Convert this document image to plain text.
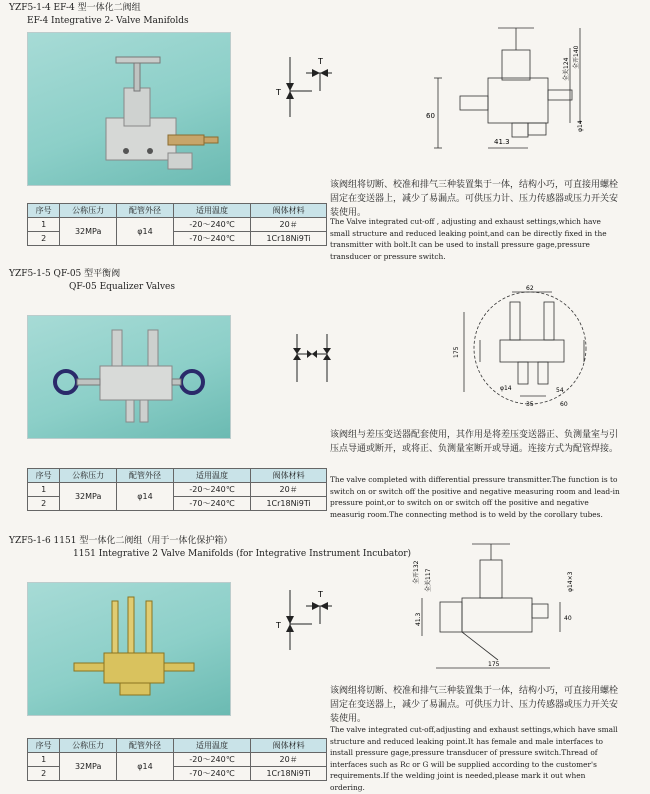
YZF5-1-4 EF-4 型一体化二阀组
EF-4 Integrative 2- Valve Manifolds
T
T
60
41.3
全开140
全关124
φ14
序号	公称压力	配管外径	适用温度	阀体材料
1	32MPa	φ14	-20～240℃	20＃
2			-70～240℃	1Cr18Ni9Ti
该阀组将切断、校准和排气三种装置集于一体，结构小巧，可直接用螺栓固定在变送器上，减少了易漏点。可供压力计、压力传感器或压力开关安装使用。
The Valve integrated cut-off , adjusting and exhaust settings,which have small structure and reduced leaking point,and can be directly fixed in the transmitter with bolt.It can be used to install pressure gage,pressure transducer or pressure switch.
YZF5-1-5 QF-05 型平衡阀
QF-05 Equalizer Valves	62
175
φ14	54
35	60
序号	公称压力	配管外径	适用温度	阀体材料
1	32MPa	φ14	-20～240℃	20＃
2			-70～240℃	1Cr18Ni9Ti
该阀组与差压变送器配套使用，其作用是将差压变送器正、负测量室与引压点导通或断开，或将正、负测量室断开或导通。连接方式为配管焊接。
The valve completed with differential pressure transmitter.The function is to switch on or switch off the positive and negative measuring room and lead-in pressure point,or to switch on or switch off the positive and negative measurig room.The connecting method is to weld by the corollary tubes.
YZF5-1-6 1151 型一体化二阀组（用于一体化保护箱）
1151 Integrative 2 Valve Manifolds (for Integrative Instrument Incubator)
T
T
41.3	40
175
全开132 全关117	φ14×3
序号	公称压力	配管外径	适用温度	阀体材料
1	32MPa	φ14	-20～240℃	20＃
2			-70～240℃	1Cr18Ni9Ti
该阀组将切断、校准和排气三种装置集于一体，结构小巧，可直接用螺栓固定在变送器上，减少了易漏点。可供压力计、压力传感器或压力开关安装使用。
The valve integrated cut-off,adjusting and exhaust settings,which have small structure and reduced leaking point.It has female and male interfaces to install pressure gage,pressure transducer of pressure switch.Thread of interfaces such as Rc or G will be supplied according to the customer's requirements.If the welding joint is needed,please mark it out when ordering.
